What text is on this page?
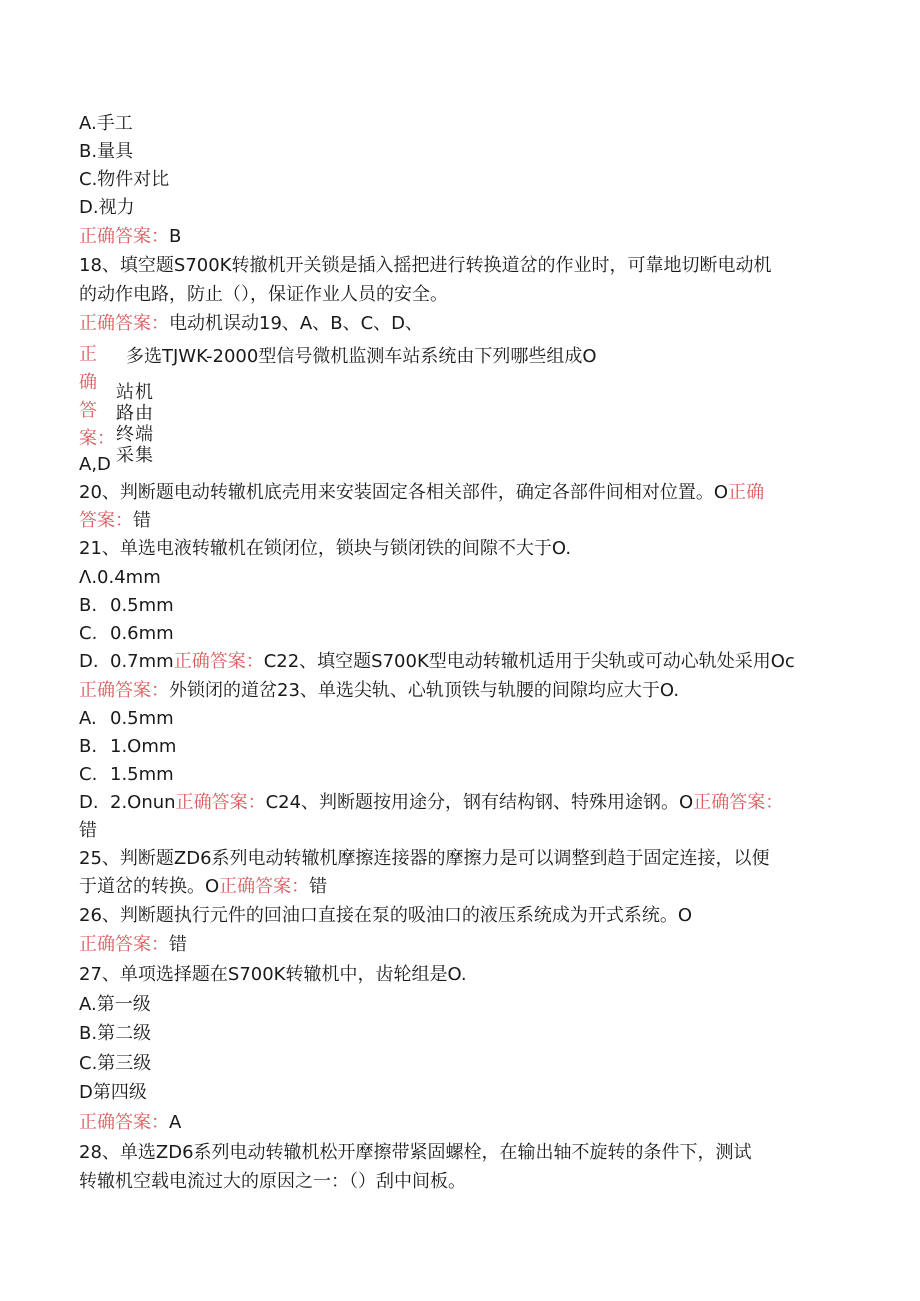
A.手工
B.量具
C.物件对比
D.视力
正确答案：B
18、填空题S700K转撤机开关锁是插入摇把进行转换道岔的作业时，可靠地切断电动机
的动作电路，防止（），保证作业人员的安全。
正确答案：电动机误动19、A、B、C、D、
正
确
答
案：
多选TJWK-2000型信号微机监测车站系统由下列哪些组成O
站机
路由
终端
采集
A,D
20、判断题电动转辙机底壳用来安装固定各相关部件，确定各部件间相对位置。O正确
答案：错
21、单选电液转辙机在锁闭位，锁块与锁闭铁的间隙不大于O.
Λ.0.4mm
B. 0.5mm
C. 0.6mm
D. 0.7mm正确答案：C22、填空题S700K型电动转辙机适用于尖轨或可动心轨处采用Oc
正确答案：外锁闭的道岔23、单选尖轨、心轨顶铁与轨腰的间隙均应大于O.
A. 0.5mm
B. 1.Omm
C. 1.5mm
D. 2.Onun正确答案：C24、判断题按用途分，钢有结构钢、特殊用途钢。O正确答案：
错
25、判断题ZD6系列电动转辙机摩擦连接器的摩擦力是可以调整到趋于固定连接，以便
于道岔的转换。O正确答案：错
26、判断题执行元件的回油口直接在泵的吸油口的液压系统成为开式系统。O
正确答案：错
27、单项选择题在S700K转辙机中，齿轮组是O.
A.第一级
B.第二级
C.第三级
D第四级
正确答案：A
28、单选ZD6系列电动转辙机松开摩擦带紧固螺栓，在输出轴不旋转的条件下，测试
转辙机空载电流过大的原因之一：（）刮中间板。
